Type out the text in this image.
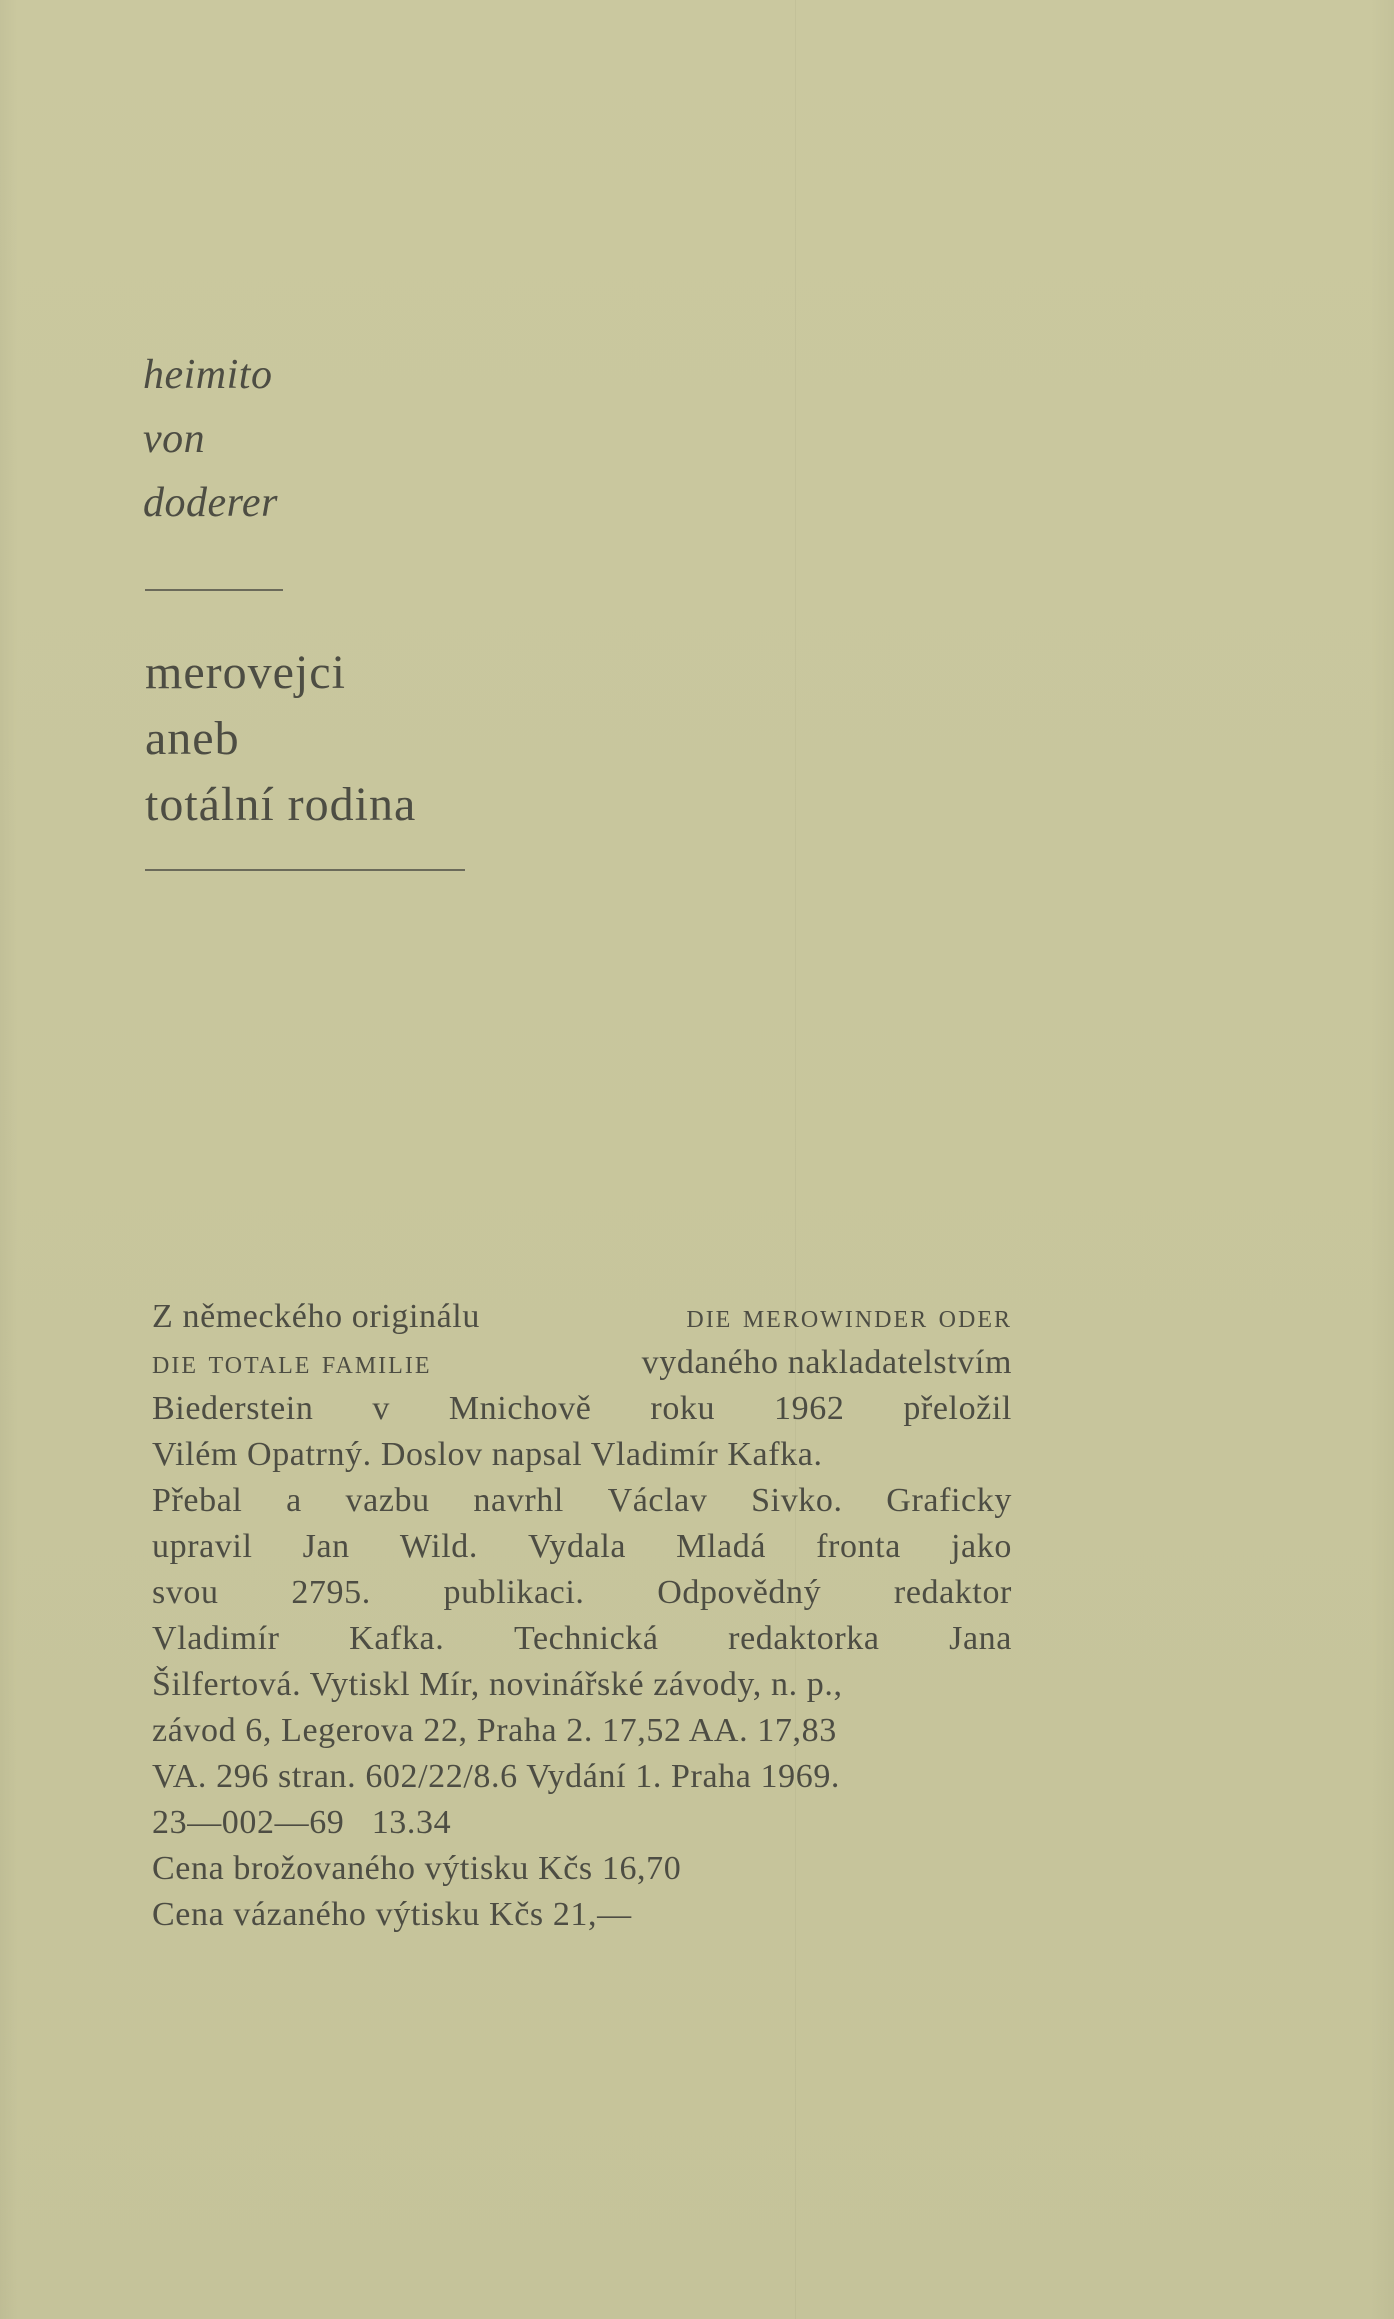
heimito
von
doderer
merovejci
aneb
totální rodina
Z německého originálu	die merowinder oder
die totale familie	vydaného nakladatelstvím
Biederstein v Mnichově roku 1962 přeložil
Vilém Opatrný. Doslov napsal Vladimír Kafka.
Přebal a vazbu navrhl Václav Sivko. Graficky
upravil Jan Wild. Vydala Mladá fronta jako
svou 2795. publikaci. Odpovědný redaktor
Vladimír Kafka. Technická redaktorka Jana
Šilfertová. Vytiskl Mír, novinářské závody, n. p.,
závod 6, Legerova 22, Praha 2. 17,52 AA. 17,83
VA. 296 stran. 602/22/8.6 Vydání 1. Praha 1969.
23—002—69   13.34
Cena brožovaného výtisku Kčs 16,70
Cena vázaného výtisku Kčs 21,—
